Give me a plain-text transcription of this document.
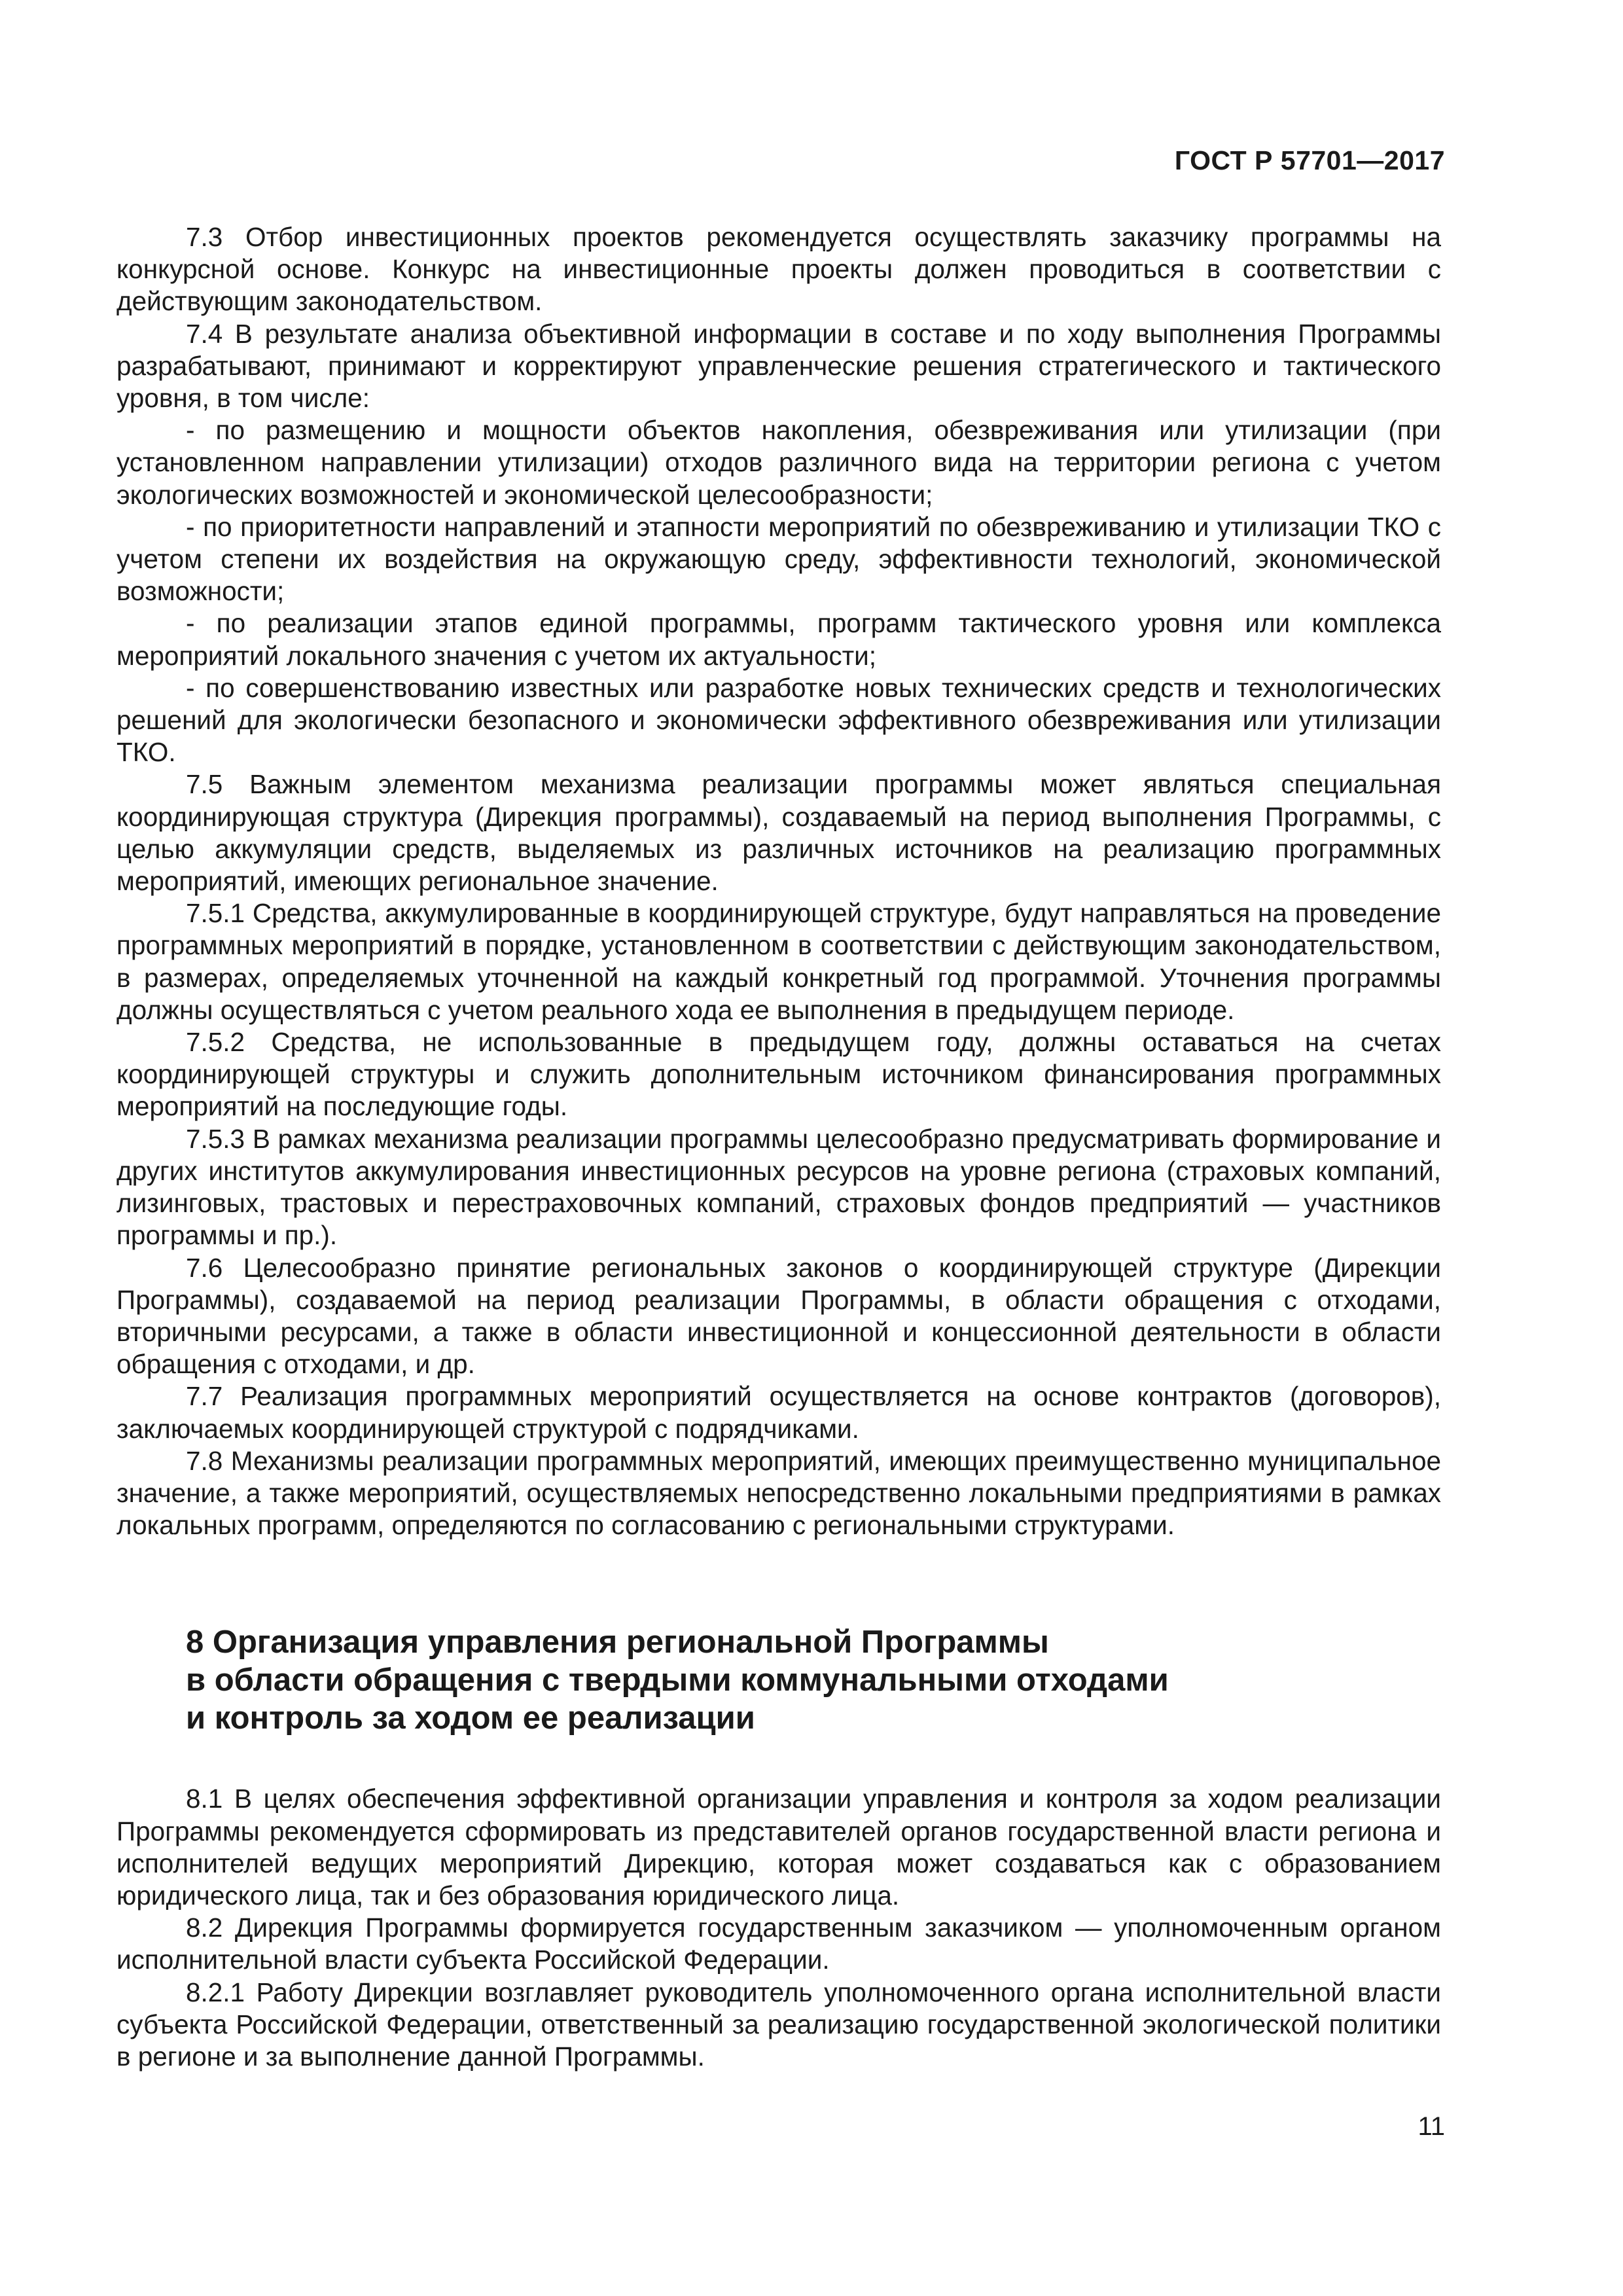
ГОСТ Р 57701—2017

7.3 Отбор инвестиционных проектов рекомендуется осуществлять заказчику программы на конкурсной основе. Конкурс на инвестиционные проекты должен проводиться в соответствии с действующим законодательством.

7.4 В результате анализа объективной информации в составе и по ходу выполнения Программы разрабатывают, принимают и корректируют управленческие решения стратегического и тактического уровня, в том числе:

- по размещению и мощности объектов накопления, обезвреживания или утилизации (при установленном направлении утилизации) отходов различного вида на территории региона с учетом экологических возможностей и экономической целесообразности;

- по приоритетности направлений и этапности мероприятий по обезвреживанию и утилизации ТКО с учетом степени их воздействия на окружающую среду, эффективности технологий, экономической возможности;

- по реализации этапов единой программы, программ тактического уровня или комплекса мероприятий локального значения с учетом их актуальности;

- по совершенствованию известных или разработке новых технических средств и технологических решений для экологически безопасного и экономически эффективного обезвреживания или утилизации ТКО.

7.5 Важным элементом механизма реализации программы может являться специальная координирующая структура (Дирекция программы), создаваемый на период выполнения Программы, с целью аккумуляции средств, выделяемых из различных источников на реализацию программных мероприятий, имеющих региональное значение.

7.5.1 Средства, аккумулированные в координирующей структуре, будут направляться на проведение программных мероприятий в порядке, установленном в соответствии с действующим законодательством, в размерах, определяемых уточненной на каждый конкретный год программой. Уточнения программы должны осуществляться с учетом реального хода ее выполнения в предыдущем периоде.

7.5.2 Средства, не использованные в предыдущем году, должны оставаться на счетах координирующей структуры и служить дополнительным источником финансирования программных мероприятий на последующие годы.

7.5.3 В рамках механизма реализации программы целесообразно предусматривать формирование и других институтов аккумулирования инвестиционных ресурсов на уровне региона (страховых компаний, лизинговых, трастовых и перестраховочных компаний, страховых фондов предприятий — участников программы и пр.).

7.6 Целесообразно принятие региональных законов о координирующей структуре (Дирекции Программы), создаваемой на период реализации Программы, в области обращения с отходами, вторичными ресурсами, а также в области инвестиционной и концессионной деятельности в области обращения с отходами, и др.

7.7 Реализация программных мероприятий осуществляется на основе контрактов (договоров), заключаемых координирующей структурой с подрядчиками.

7.8 Механизмы реализации программных мероприятий, имеющих преимущественно муниципальное значение, а также мероприятий, осуществляемых непосредственно локальными предприятиями в рамках локальных программ, определяются по согласованию с региональными структурами.

8 Организация управления региональной Программы
в области обращения с твердыми коммунальными отходами
и контроль за ходом ее реализации

8.1 В целях обеспечения эффективной организации управления и контроля за ходом реализации Программы рекомендуется сформировать из представителей органов государственной власти региона и исполнителей ведущих мероприятий Дирекцию, которая может создаваться как с образованием юридического лица, так и без образования юридического лица.

8.2 Дирекция Программы формируется государственным заказчиком — уполномоченным органом исполнительной власти субъекта Российской Федерации.

8.2.1 Работу Дирекции возглавляет руководитель уполномоченного органа исполнительной власти субъекта Российской Федерации, ответственный за реализацию государственной экологической политики в регионе и за выполнение данной Программы.

11
